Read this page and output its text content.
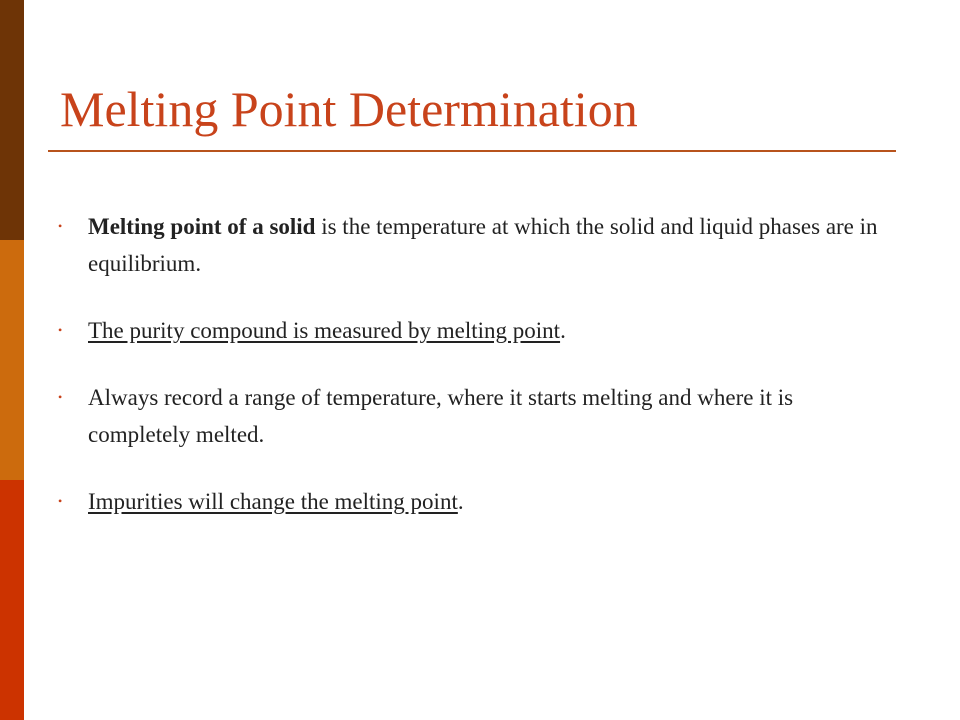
Melting Point Determination
•	Melting point of a solid is the temperature at which the solid and liquid phases are in equilibrium.
•	The purity compound is measured by melting point.
•	Always record a range of temperature, where it starts melting and where it is completely melted.
•	Impurities will change the melting point.
